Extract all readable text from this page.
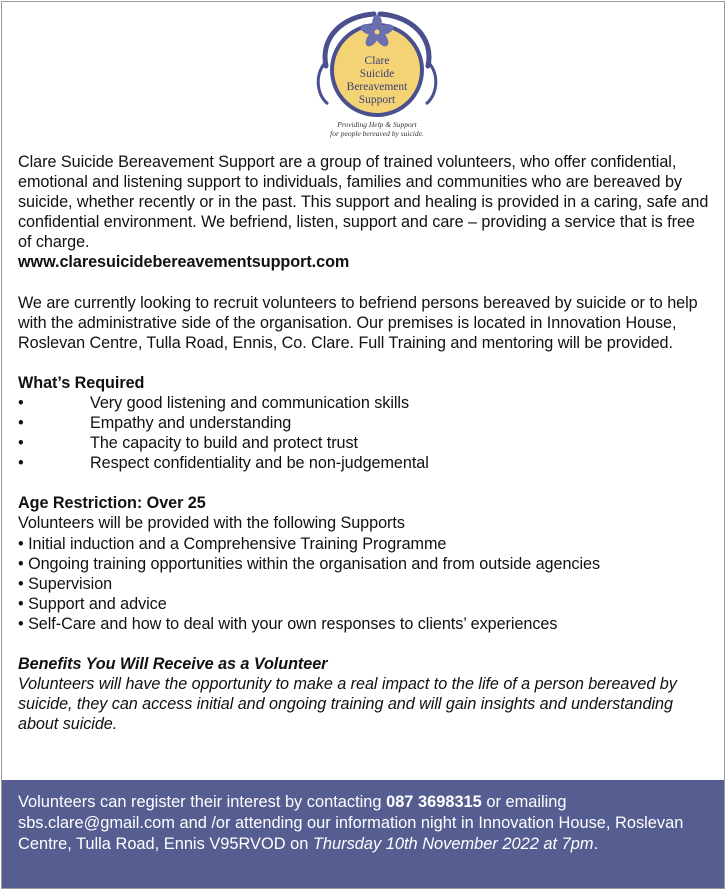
Clare
Suicide
Bereavement
Support
Providing Help & Support
for people bereaved by suicide.

Clare Suicide Bereavement Support are a group of trained volunteers, who offer confidential, emotional and listening support to individuals, families and communities who are bereaved by suicide, whether recently or in the past. This support and healing is provided in a caring, safe and confidential environment. We befriend, listen, support and care – providing a service that is free of charge.

www.claresuicidebereavementsupport.com

We are currently looking to recruit volunteers to befriend persons bereaved by suicide or to help with the administrative side of the organisation. Our premises is located in Innovation House, Roslevan Centre, Tulla Road, Ennis, Co. Clare. Full Training and mentoring will be provided.

What’s Required

•	Very good listening and communication skills
•	Empathy and understanding
•	The capacity to build and protect trust
•	Respect confidentiality and be non-judgemental

Age Restriction: Over 25

Volunteers will be provided with the following Supports

• Initial induction and a Comprehensive Training Programme
• Ongoing training opportunities within the organisation and from outside agencies
• Supervision
• Support and advice
• Self-Care and how to deal with your own responses to clients’ experiences

Benefits You Will Receive as a Volunteer

Volunteers will have the opportunity to make a real impact to the life of a person bereaved by suicide, they can access initial and ongoing training and will gain insights and understanding about suicide.

Volunteers can register their interest by contacting 087 3698315 or emailing sbs.clare@gmail.com and /or attending our information night in Innovation House, Roslevan Centre, Tulla Road, Ennis V95RVOD on Thursday 10th November 2022 at 7pm.
